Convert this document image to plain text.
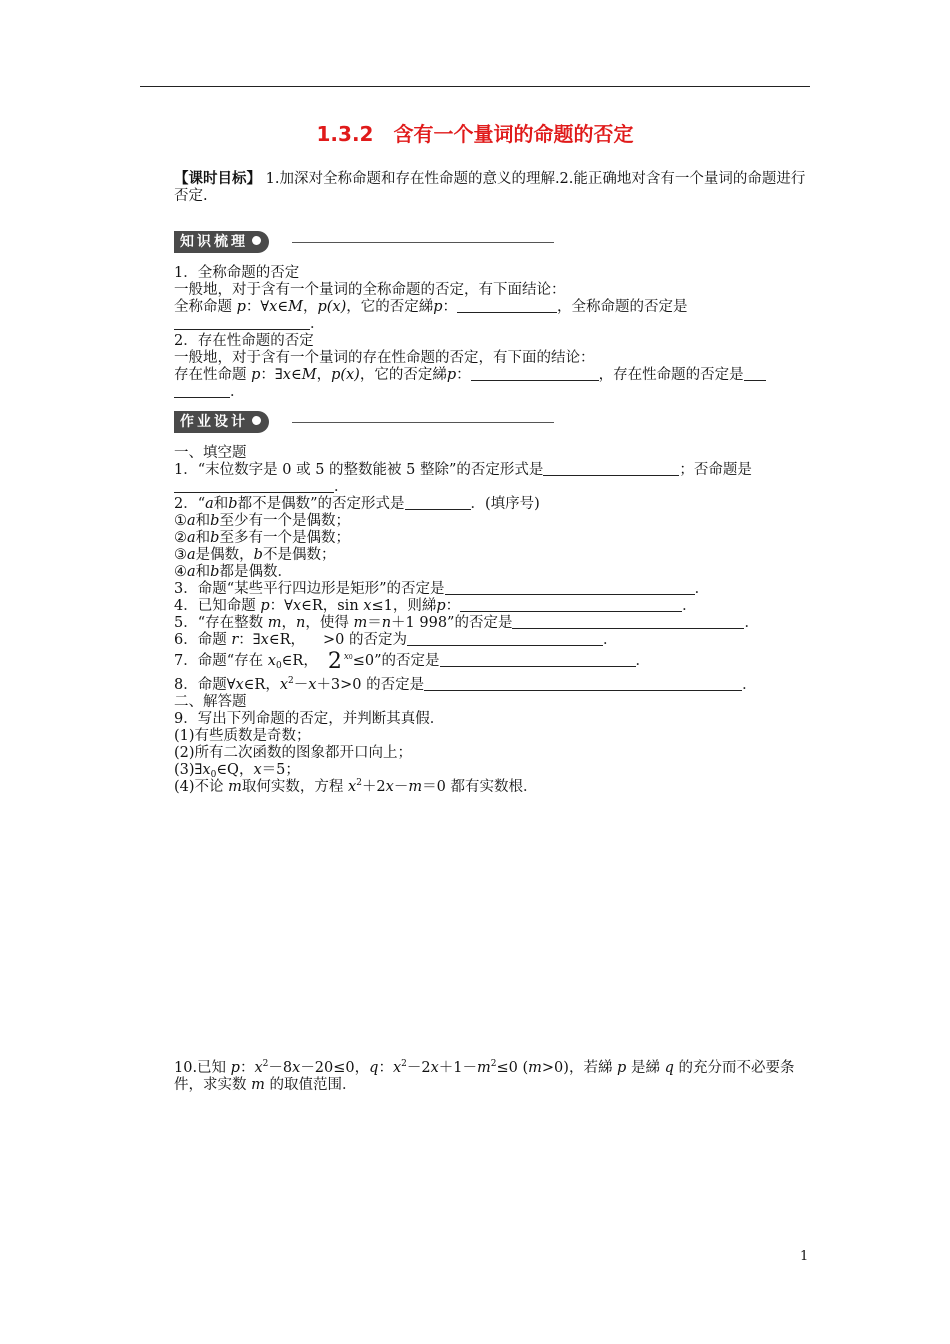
1.3.2　含有一个量词的命题的否定
【课时目标】 1.加深对全称命题和存在性命题的意义的理解.2.能正确地对含有一个量词的命题进行否定.
知识梳理
1．全称命题的否定
一般地，对于含有一个量词的全称命题的否定，有下面结论：
全称命题 p：∀x∈M，p(x)，它的否定綈p：	，全称命题的否定是
．
2．存在性命题的否定
一般地，对于含有一个量词的存在性命题的否定，有下面的结论：
存在性命题 p：∃x∈M，p(x)，它的否定綈p：	，存在性命题的否定是
．
作业设计
一、填空题
1．“末位数字是 0 或 5 的整数能被 5 整除”的否定形式是	；否命题是
．
2．“a和b都不是偶数”的否定形式是	．(填序号)
①a和b至少有一个是偶数；
②a和b至多有一个是偶数；
③a是偶数，b不是偶数；
④a和b都是偶数．
3．命题“某些平行四边形是矩形”的否定是	．
4．已知命题 p：∀x∈R，sin x≤1，则綈p：	．
5．“存在整数 m，n，使得 m＝n＋1 998”的否定是	．
6．命题 r：∃x∈R， >0 的否定为	．
7．命题“存在 $x_0\in R$， 2 $^{x0}$≤0”的否定是	．
8．命题∀x∈R，$x^2-x+3>0$ 的否定是	．
二、解答题
9．写出下列命题的否定，并判断其真假．
(1)有些质数是奇数；
(2)所有二次函数的图象都开口向上；
$(3)\exists x_0\in Q$，x＝5；
(4)不论 m取何实数，方程 $x^2+2x-m=0$ 都有实数根．
10.已知 p：$x^2-8x-20\le 0$，q：$x^2-2x+1-m^2\le 0$ (m>0)，若綈 p 是綈 q 的充分而不必要条
件，求实数 m 的取值范围．
1
